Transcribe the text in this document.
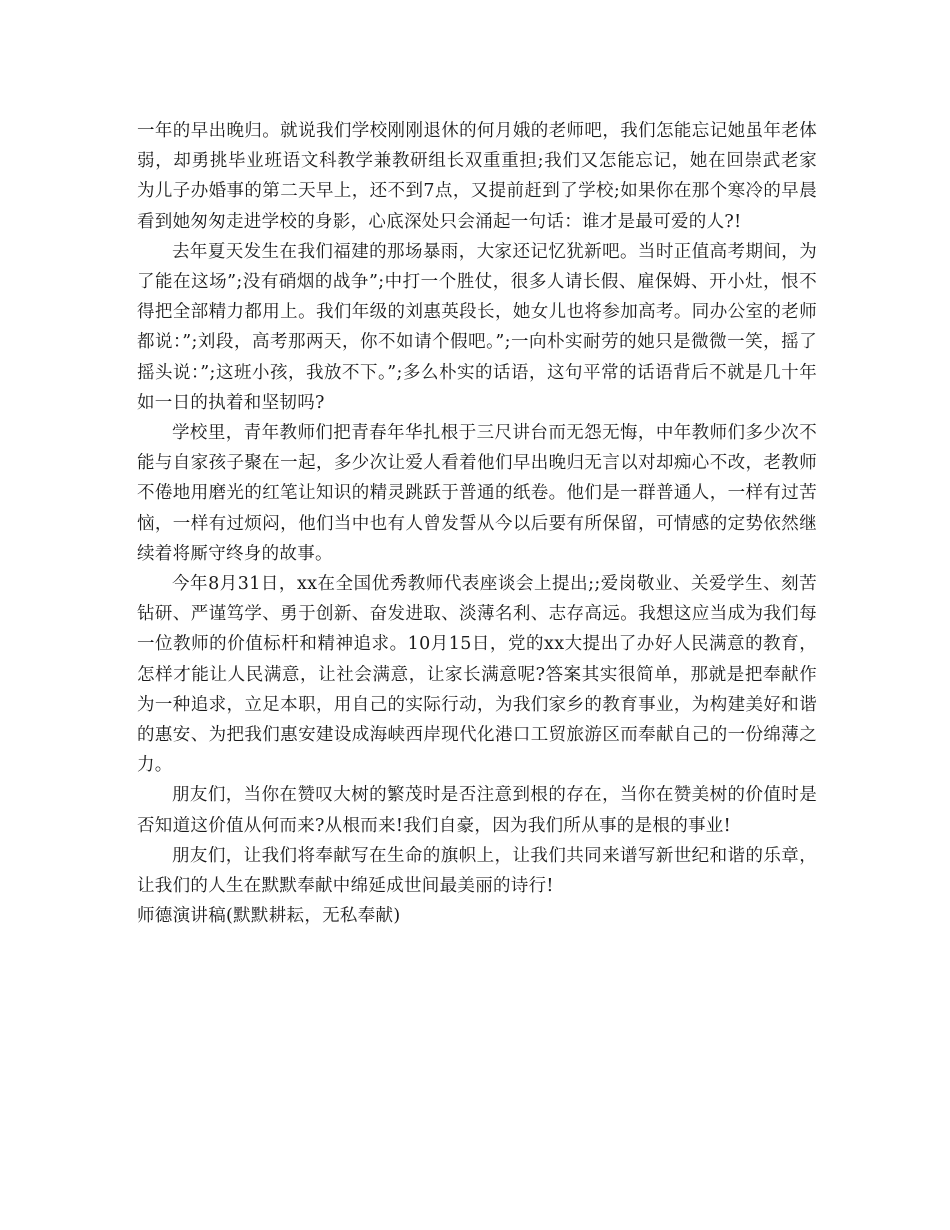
一年的早出晚归。就说我们学校刚刚退休的何月娥的老师吧，我们怎能忘记她虽年老体弱，却勇挑毕业班语文科教学兼教研组长双重重担;我们又怎能忘记，她在回崇武老家为儿子办婚事的第二天早上，还不到7点，又提前赶到了学校;如果你在那个寒冷的早晨看到她匆匆走进学校的身影，心底深处只会涌起一句话：谁才是最可爱的人?!

去年夏天发生在我们福建的那场暴雨，大家还记忆犹新吧。当时正值高考期间，为了能在这场”;没有硝烟的战争”;中打一个胜仗，很多人请长假、雇保姆、开小灶，恨不得把全部精力都用上。我们年级的刘惠英段长，她女儿也将参加高考。同办公室的老师都说：”;刘段，高考那两天，你不如请个假吧。”;一向朴实耐劳的她只是微微一笑，摇了摇头说：”;这班小孩，我放不下。”;多么朴实的话语，这句平常的话语背后不就是几十年如一日的执着和坚韧吗?

学校里，青年教师们把青春年华扎根于三尺讲台而无怨无悔，中年教师们多少次不能与自家孩子聚在一起，多少次让爱人看着他们早出晚归无言以对却痴心不改，老教师不倦地用磨光的红笔让知识的精灵跳跃于普通的纸卷。他们是一群普通人，一样有过苦恼，一样有过烦闷，他们当中也有人曾发誓从今以后要有所保留，可情感的定势依然继续着将厮守终身的故事。

今年8月31日，xx在全国优秀教师代表座谈会上提出;;爱岗敬业、关爱学生、刻苦钻研、严谨笃学、勇于创新、奋发进取、淡薄名利、志存高远。我想这应当成为我们每一位教师的价值标杆和精神追求。10月15日，党的xx大提出了办好人民满意的教育，怎样才能让人民满意，让社会满意，让家长满意呢?答案其实很简单，那就是把奉献作为一种追求，立足本职，用自己的实际行动，为我们家乡的教育事业，为构建美好和谐的惠安、为把我们惠安建设成海峡西岸现代化港口工贸旅游区而奉献自己的一份绵薄之力。

朋友们，当你在赞叹大树的繁茂时是否注意到根的存在，当你在赞美树的价值时是否知道这价值从何而来?从根而来!我们自豪，因为我们所从事的是根的事业!

朋友们，让我们将奉献写在生命的旗帜上，让我们共同来谱写新世纪和谐的乐章，让我们的人生在默默奉献中绵延成世间最美丽的诗行!

师德演讲稿(默默耕耘，无私奉献)
